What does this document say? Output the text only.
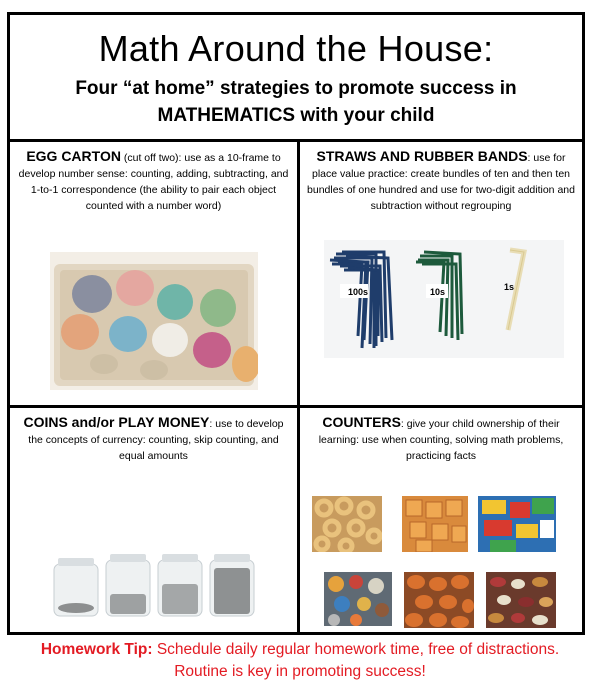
Math Around the House:
Four “at home” strategies to promote success in
MATHEMATICS with your child
EGG CARTON (cut off two): use as a 10-frame to develop number sense: counting, adding, subtracting, and 1-to-1 correspondence (the ability to pair each object counted with a number word)
STRAWS AND RUBBER BANDS: use for place value practice: create bundles of ten and then ten bundles of one hundred and use for two-digit addition and subtraction without regrouping
100s	10s	1s
COINS and/or PLAY MONEY: use to develop the concepts of currency: counting, skip counting, and equal amounts
COUNTERS: give your child ownership of their learning: use when counting, solving math problems, practicing facts
Homework Tip: Schedule daily regular homework time, free of distractions. Routine is key in promoting success!
